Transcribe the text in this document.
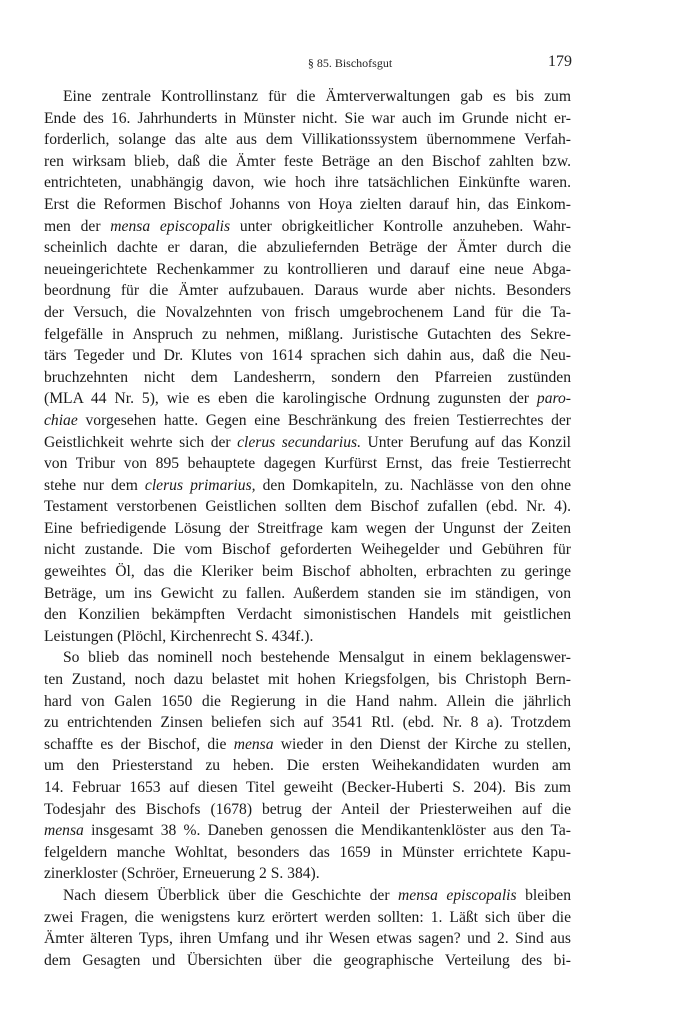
§ 85. Bischofsgut	179
Eine zentrale Kontrollinstanz für die Ämterverwaltungen gab es bis zum
Ende des 16. Jahrhunderts in Münster nicht. Sie war auch im Grunde nicht er-
forderlich, solange das alte aus dem Villikationssystem übernommene Verfah-
ren wirksam blieb, daß die Ämter feste Beträge an den Bischof zahlten bzw.
entrichteten, unabhängig davon, wie hoch ihre tatsächlichen Einkünfte waren.
Erst die Reformen Bischof Johanns von Hoya zielten darauf hin, das Einkom-
men der mensa episcopalis unter obrigkeitlicher Kontrolle anzuheben. Wahr-
scheinlich dachte er daran, die abzuliefernden Beträge der Ämter durch die
neueingerichtete Rechenkammer zu kontrollieren und darauf eine neue Abga-
beordnung für die Ämter aufzubauen. Daraus wurde aber nichts. Besonders
der Versuch, die Novalzehnten von frisch umgebrochenem Land für die Ta-
felgefälle in Anspruch zu nehmen, mißlang. Juristische Gutachten des Sekre-
tärs Tegeder und Dr. Klutes von 1614 sprachen sich dahin aus, daß die Neu-
bruchzehnten nicht dem Landesherrn, sondern den Pfarreien zustünden
(MLA 44 Nr. 5), wie es eben die karolingische Ordnung zugunsten der paro-
chiae vorgesehen hatte. Gegen eine Beschränkung des freien Testierrechtes der
Geistlichkeit wehrte sich der clerus secundarius. Unter Berufung auf das Konzil
von Tribur von 895 behauptete dagegen Kurfürst Ernst, das freie Testierrecht
stehe nur dem clerus primarius, den Domkapiteln, zu. Nachlässe von den ohne
Testament verstorbenen Geistlichen sollten dem Bischof zufallen (ebd. Nr. 4).
Eine befriedigende Lösung der Streitfrage kam wegen der Ungunst der Zeiten
nicht zustande. Die vom Bischof geforderten Weihegelder und Gebühren für
geweihtes Öl, das die Kleriker beim Bischof abholten, erbrachten zu geringe
Beträge, um ins Gewicht zu fallen. Außerdem standen sie im ständigen, von
den Konzilien bekämpften Verdacht simonistischen Handels mit geistlichen
Leistungen (Plöchl, Kirchenrecht S. 434f.).
So blieb das nominell noch bestehende Mensalgut in einem beklagenswer-
ten Zustand, noch dazu belastet mit hohen Kriegsfolgen, bis Christoph Bern-
hard von Galen 1650 die Regierung in die Hand nahm. Allein die jährlich
zu entrichtenden Zinsen beliefen sich auf 3541 Rtl. (ebd. Nr. 8 a). Trotzdem
schaffte es der Bischof, die mensa wieder in den Dienst der Kirche zu stellen,
um den Priesterstand zu heben. Die ersten Weihekandidaten wurden am
14. Februar 1653 auf diesen Titel geweiht (Becker-Huberti S. 204). Bis zum
Todesjahr des Bischofs (1678) betrug der Anteil der Priesterweihen auf die
mensa insgesamt 38 %. Daneben genossen die Mendikantenklöster aus den Ta-
felgeldern manche Wohltat, besonders das 1659 in Münster errichtete Kapu-
zinerkloster (Schröer, Erneuerung 2 S. 384).
Nach diesem Überblick über die Geschichte der mensa episcopalis bleiben
zwei Fragen, die wenigstens kurz erörtert werden sollten: 1. Läßt sich über die
Ämter älteren Typs, ihren Umfang und ihr Wesen etwas sagen? und 2. Sind aus
dem Gesagten und Übersichten über die geographische Verteilung des bi-
